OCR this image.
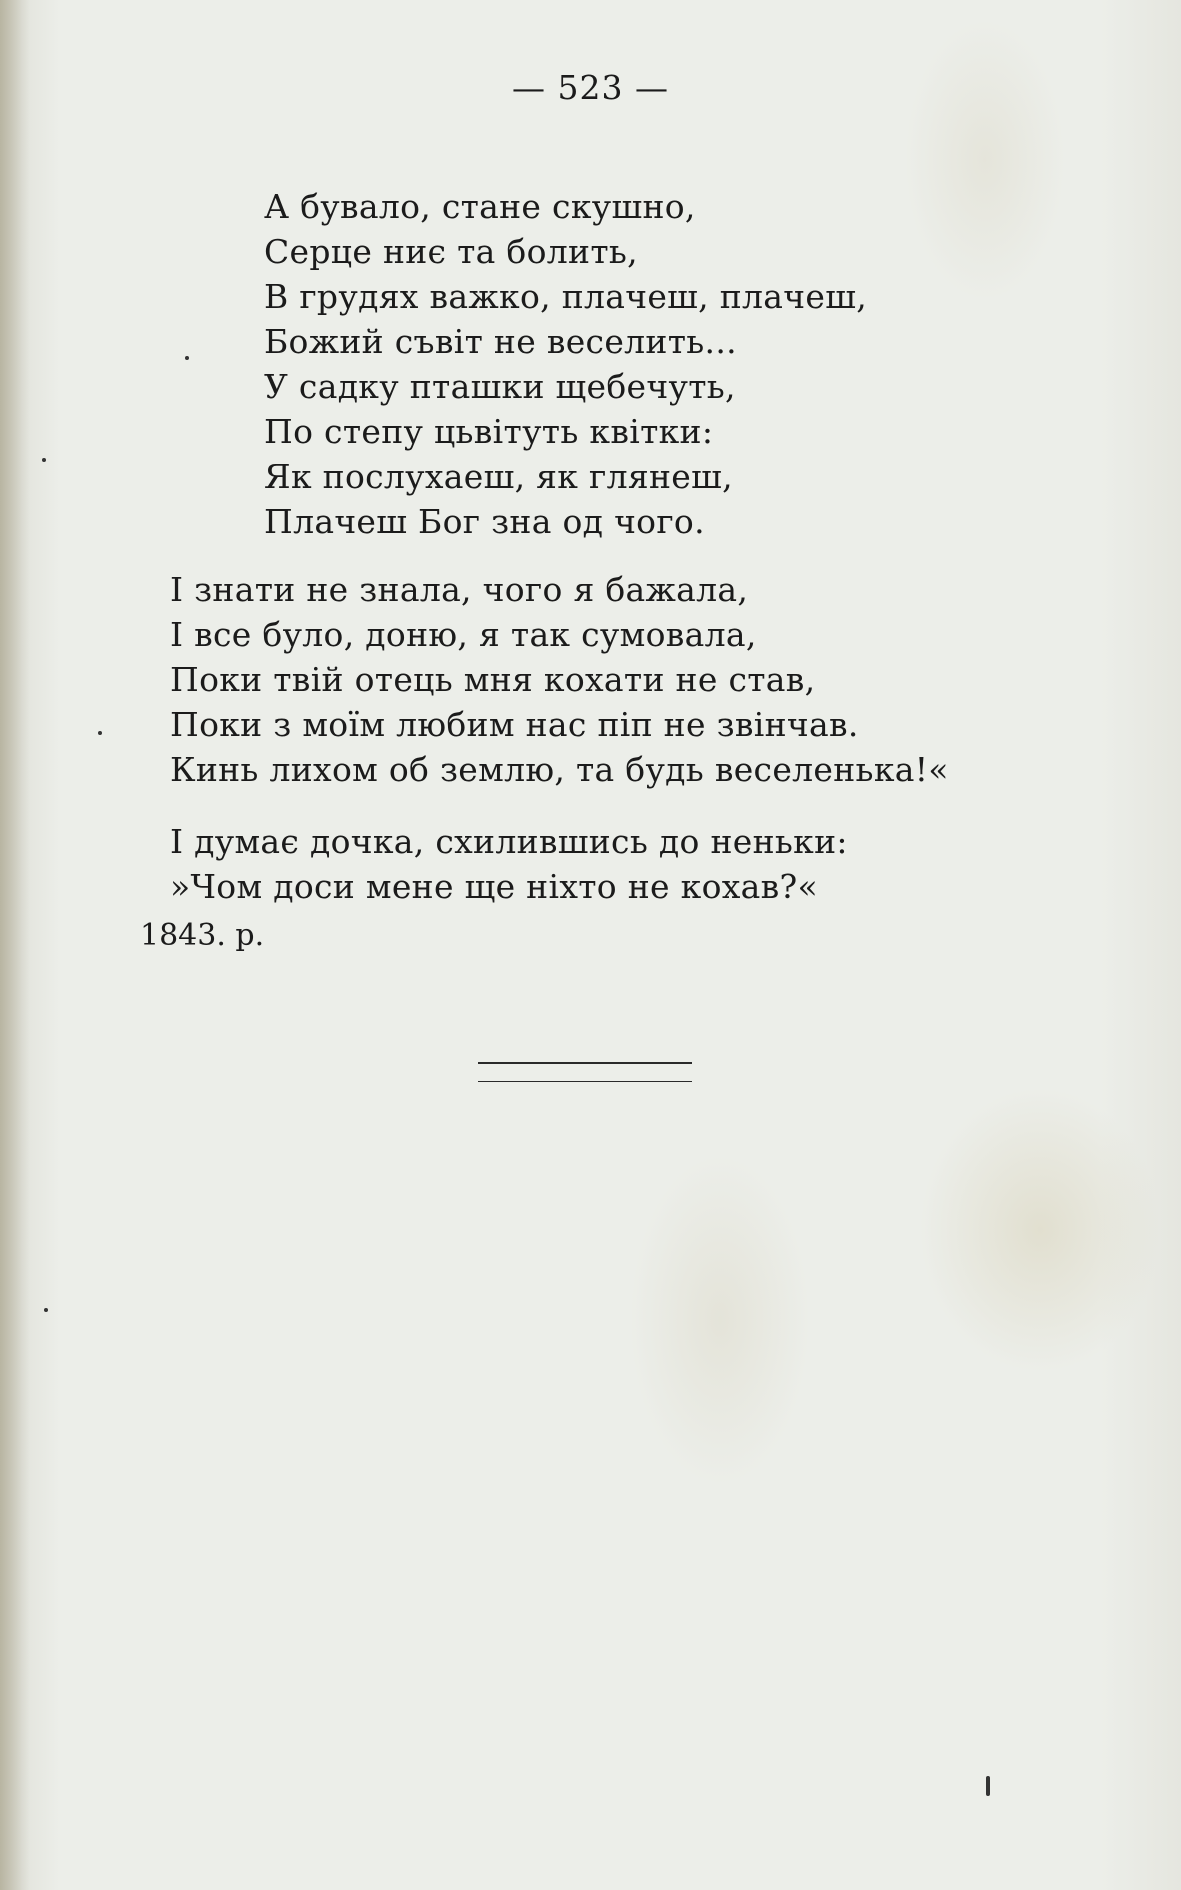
— 523 —
А бувало, стане скушно,
Серце ниє та болить,
В грудях важко, плачеш, плачеш,
Божий съвіт не веселить...
У садку пташки щебечуть,
По степу цьвітуть квітки:
Як послухаеш, як глянеш,
Плачеш Бог зна од чого.
І знати не знала, чого я бажала,
І все було, доню, я так сумовала,
Поки твій отець мня кохати не став,
Поки з моїм любим нас піп не звінчав.
Кинь лихом об землю, та будь веселенька!«
І думає дочка, схилившись до неньки:
»Чом доси мене ще ніхто не кохав?«
1843. р.
